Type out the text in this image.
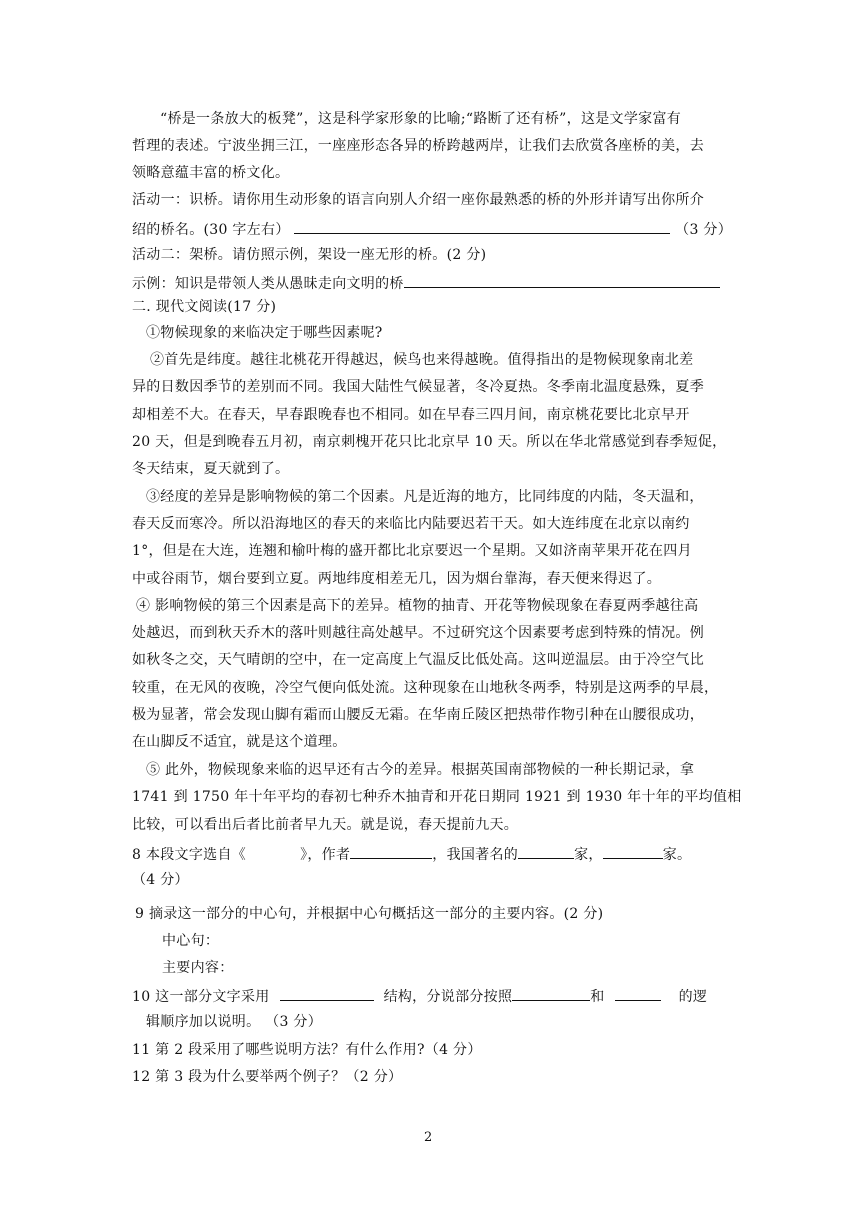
“桥是一条放大的板凳”，这是科学家形象的比喻;“路断了还有桥”，这是文学家富有
哲理的表述。宁波坐拥三江，一座座形态各异的桥跨越两岸，让我们去欣赏各座桥的美，去
领略意蕴丰富的桥文化。
活动一：识桥。请你用生动形象的语言向别人介绍一座你最熟悉的桥的外形并请写出你所介
绍的桥名。(30 字左右）	（3 分）
活动二：架桥。请仿照示例，架设一座无形的桥。(2 分)
示例：知识是带领人类从愚昧走向文明的桥
二. 现代文阅读(17 分)
①物候现象的来临决定于哪些因素呢?
②首先是纬度。越往北桃花开得越迟，候鸟也来得越晚。值得指出的是物候现象南北差
异的日数因季节的差别而不同。我国大陆性气候显著，冬冷夏热。冬季南北温度悬殊，夏季
却相差不大。在春天，早春跟晚春也不相同。如在早春三四月间，南京桃花要比北京早开
20 天，但是到晚春五月初，南京刺槐开花只比北京早 10 天。所以在华北常感觉到春季短促，
冬天结束，夏天就到了。
③经度的差异是影响物候的第二个因素。凡是近海的地方，比同纬度的内陆，冬天温和，
春天反而寒冷。所以沿海地区的春天的来临比内陆要迟若干天。如大连纬度在北京以南约
1°，但是在大连，连翘和榆叶梅的盛开都比北京要迟一个星期。又如济南苹果开花在四月
中或谷雨节，烟台要到立夏。两地纬度相差无几，因为烟台靠海，春天便来得迟了。
④ 影响物候的第三个因素是高下的差异。植物的抽青、开花等物候现象在春夏两季越往高
处越迟，而到秋天乔木的落叶则越往高处越早。不过研究这个因素要考虑到特殊的情况。例
如秋冬之交，天气晴朗的空中，在一定高度上气温反比低处高。这叫逆温层。由于冷空气比
较重，在无风的夜晚，冷空气便向低处流。这种现象在山地秋冬两季，特别是这两季的早晨，
极为显著，常会发现山脚有霜而山腰反无霜。在华南丘陵区把热带作物引种在山腰很成功，
在山脚反不适宜，就是这个道理。
⑤ 此外，物候现象来临的迟早还有古今的差异。根据英国南部物候的一种长期记录，拿
1741 到 1750 年十年平均的春初七种乔木抽青和开花日期同 1921 到 1930 年十年的平均值相
比较，可以看出后者比前者早九天。就是说，春天提前九天。
8 本段文字选自《	》，作者	，我国著名的	家，	家。
（4 分）
9 摘录这一部分的中心句，并根据中心句概括这一部分的主要内容。(2 分)
中心句：
主要内容：
10 这一部分文字采用	结构，分说部分按照	和	的逻
辑顺序加以说明。 （3 分）
11 第 2 段采用了哪些说明方法？有什么作用?（4 分）
12 第 3 段为什么要举两个例子？（2 分）
2
